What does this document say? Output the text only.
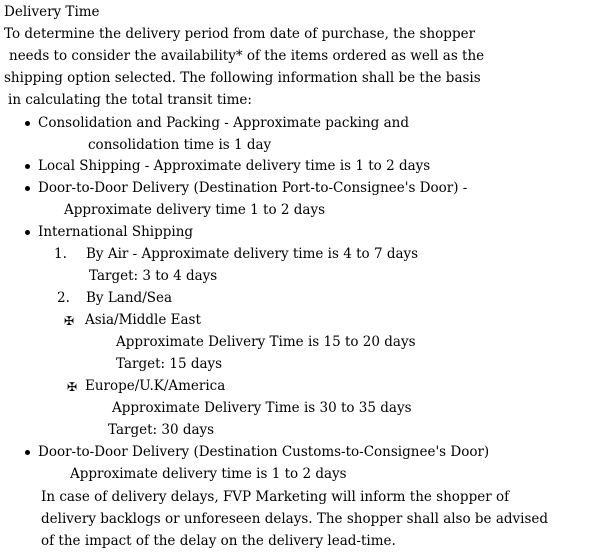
Delivery Time
To determine the delivery period from date of purchase, the shopper
needs to consider the availability* of the items ordered as well as the
shipping option selected. The following information shall be the basis
in calculating the total transit time:
Consolidation and Packing - Approximate packing and
consolidation time is 1 day
Local Shipping - Approximate delivery time is 1 to 2 days
Door-to-Door Delivery (Destination Port-to-Consignee's Door) -
Approximate delivery time 1 to 2 days
International Shipping
1. By Air - Approximate delivery time is 4 to 7 days
Target: 3 to 4 days
2. By Land/Sea
✠ Asia/Middle East
Approximate Delivery Time is 15 to 20 days
Target: 15 days
✠ Europe/U.K/America
Approximate Delivery Time is 30 to 35 days
Target: 30 days
Door-to-Door Delivery (Destination Customs-to-Consignee's Door)
Approximate delivery time is 1 to 2 days
In case of delivery delays, FVP Marketing will inform the shopper of
delivery backlogs or unforeseen delays. The shopper shall also be advised
of the impact of the delay on the delivery lead-time.
